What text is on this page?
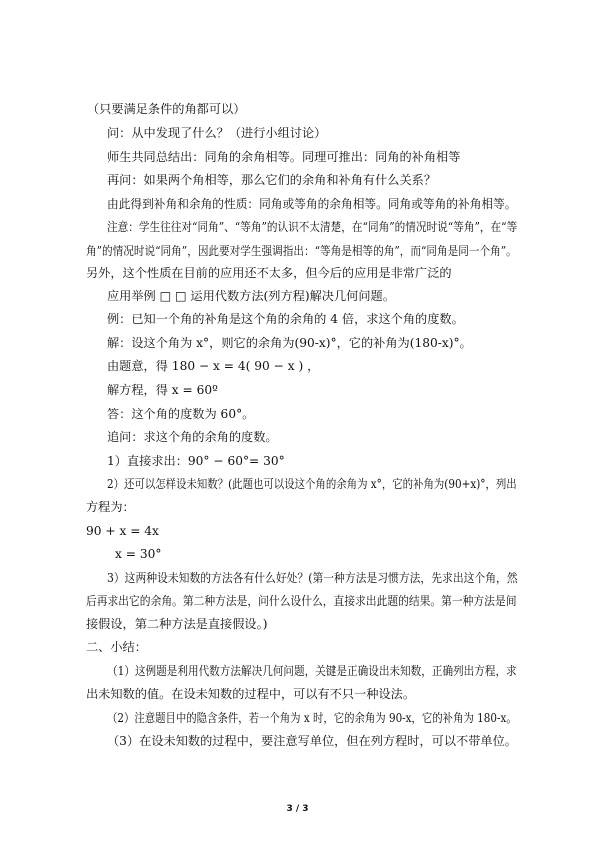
（只要满足条件的角都可以）
问：从中发现了什么？（进行小组讨论）
师生共同总结出：同角的余角相等。同理可推出：同角的补角相等
再问：如果两个角相等，那么它们的余角和补角有什么关系？
由此得到补角和余角的性质：同角或等角的余角相等。同角或等角的补角相等。
注意：学生往往对“同角”、“等角”的认识不太清楚，在“同角”的情况时说“等角”，在“等
角”的情况时说“同角”，因此要对学生强调指出：“等角是相等的角”，而“同角是同一个角”。
另外，这个性质在目前的应用还不太多，但今后的应用是非常广泛的
应用举例 □ □ 运用代数方法(列方程)解决几何问题。
例：已知一个角的补角是这个角的余角的 4 倍，求这个角的度数。
解：设这个角为 x°，则它的余角为(90-x)°，它的补角为(180-x)°。
由题意，得 180 − x = 4( 90 − x ) ，
解方程，得 x = 60º
答：这个角的度数为 60°。
追问：求这个角的余角的度数。
1）直接求出：90° − 60°= 30°
2）还可以怎样设未知数？(此题也可以设这个角的余角为 x°，它的补角为(90+x)°，列出
方程为：
90 + x = 4x
x = 30°
3）这两种设未知数的方法各有什么好处？(第一种方法是习惯方法，先求出这个角，然
后再求出它的余角。第二种方法是，问什么设什么，直接求出此题的结果。第一种方法是间
接假设，第二种方法是直接假设。)
二、小结：
（1）这例题是利用代数方法解决几何问题，关键是正确设出未知数，正确列出方程，求
出未知数的值。在设未知数的过程中，可以有不只一种设法。
（2）注意题目中的隐含条件，若一个角为 x 时，它的余角为 90-x，它的补角为 180-x。
（3）在设未知数的过程中，要注意写单位，但在列方程时，可以不带单位。
3 / 3
